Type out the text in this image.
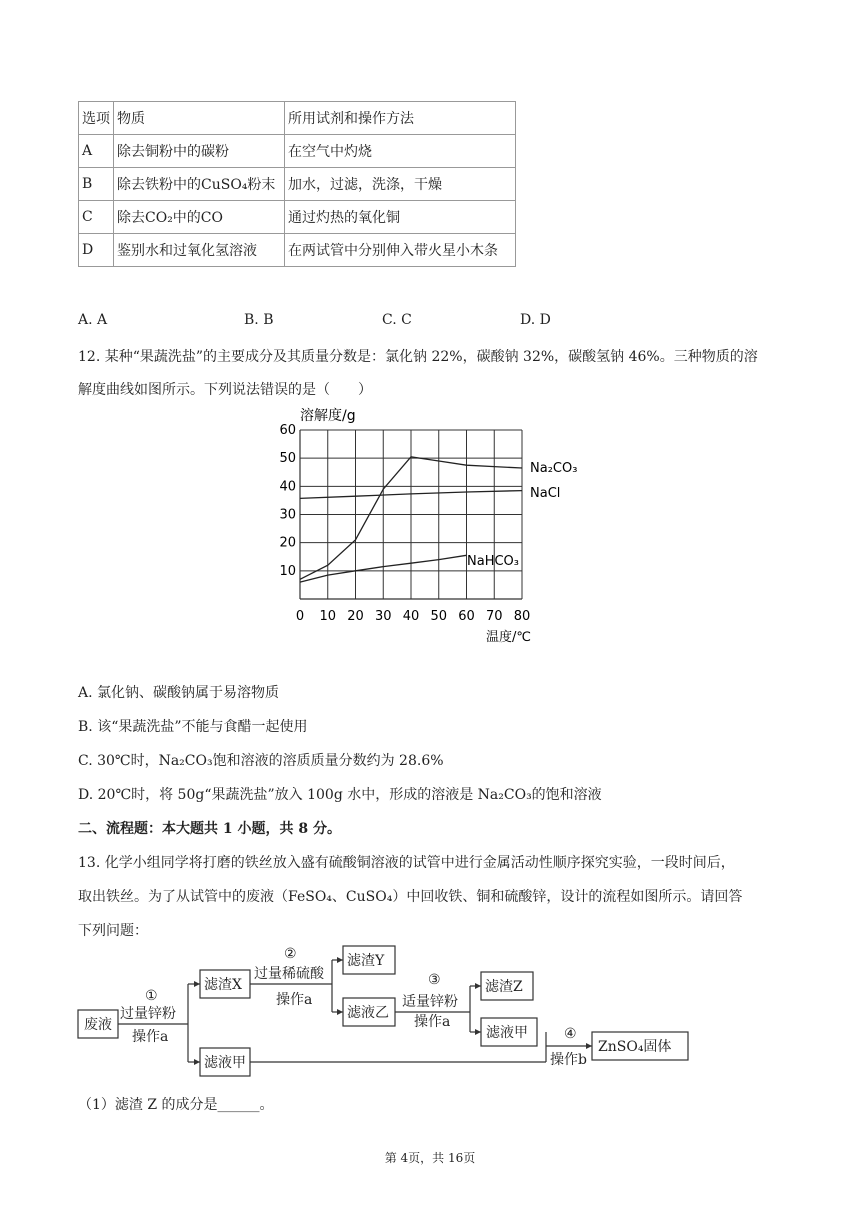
选项	物质	所用试剂和操作方法
A	除去铜粉中的碳粉	在空气中灼烧
B	除去铁粉中的CuSO₄粉末	加水，过滤，洗涤，干燥
C	除去CO₂中的CO	通过灼热的氧化铜
D	鉴别水和过氧化氢溶液	在两试管中分别伸入带火星小木条
A. A	B. B	C. C	D. D
12. 某种“果蔬洗盐”的主要成分及其质量分数是：氯化钠 22%，碳酸钠 32%，碳酸氢钠 46%。三种物质的溶
解度曲线如图所示。下列说法错误的是（　　）
0 10 20 30 40 50 60 70 80
10
20
30
40
50
60
溶解度/g
温度/℃
Na₂CO₃
NaCl
NaHCO₃
A. 氯化钠、碳酸钠属于易溶物质
B. 该“果蔬洗盐”不能与食醋一起使用
C. 30℃时，Na₂CO₃饱和溶液的溶质质量分数约为 28.6%
D. 20℃时，将 50g“果蔬洗盐”放入 100g 水中，形成的溶液是 Na₂CO₃的饱和溶液
二、流程题：本大题共 1 小题，共 8 分。
13. 化学小组同学将打磨的铁丝放入盛有硫酸铜溶液的试管中进行金属活动性顺序探究实验，一段时间后，
取出铁丝。为了从试管中的废液（FeSO₄、CuSO₄）中回收铁、铜和硫酸锌，设计的流程如图所示。请回答
下列问题：
废液
滤渣X
滤液甲
滤渣Y
滤液乙
滤渣Z
滤液甲
ZnSO₄固体
①
过量锌粉
操作a
②
过量稀硫酸
操作a
③
适量锌粉
操作a
④
操作b
（1）滤渣 Z 的成分是______。
第 4页，共 16页
